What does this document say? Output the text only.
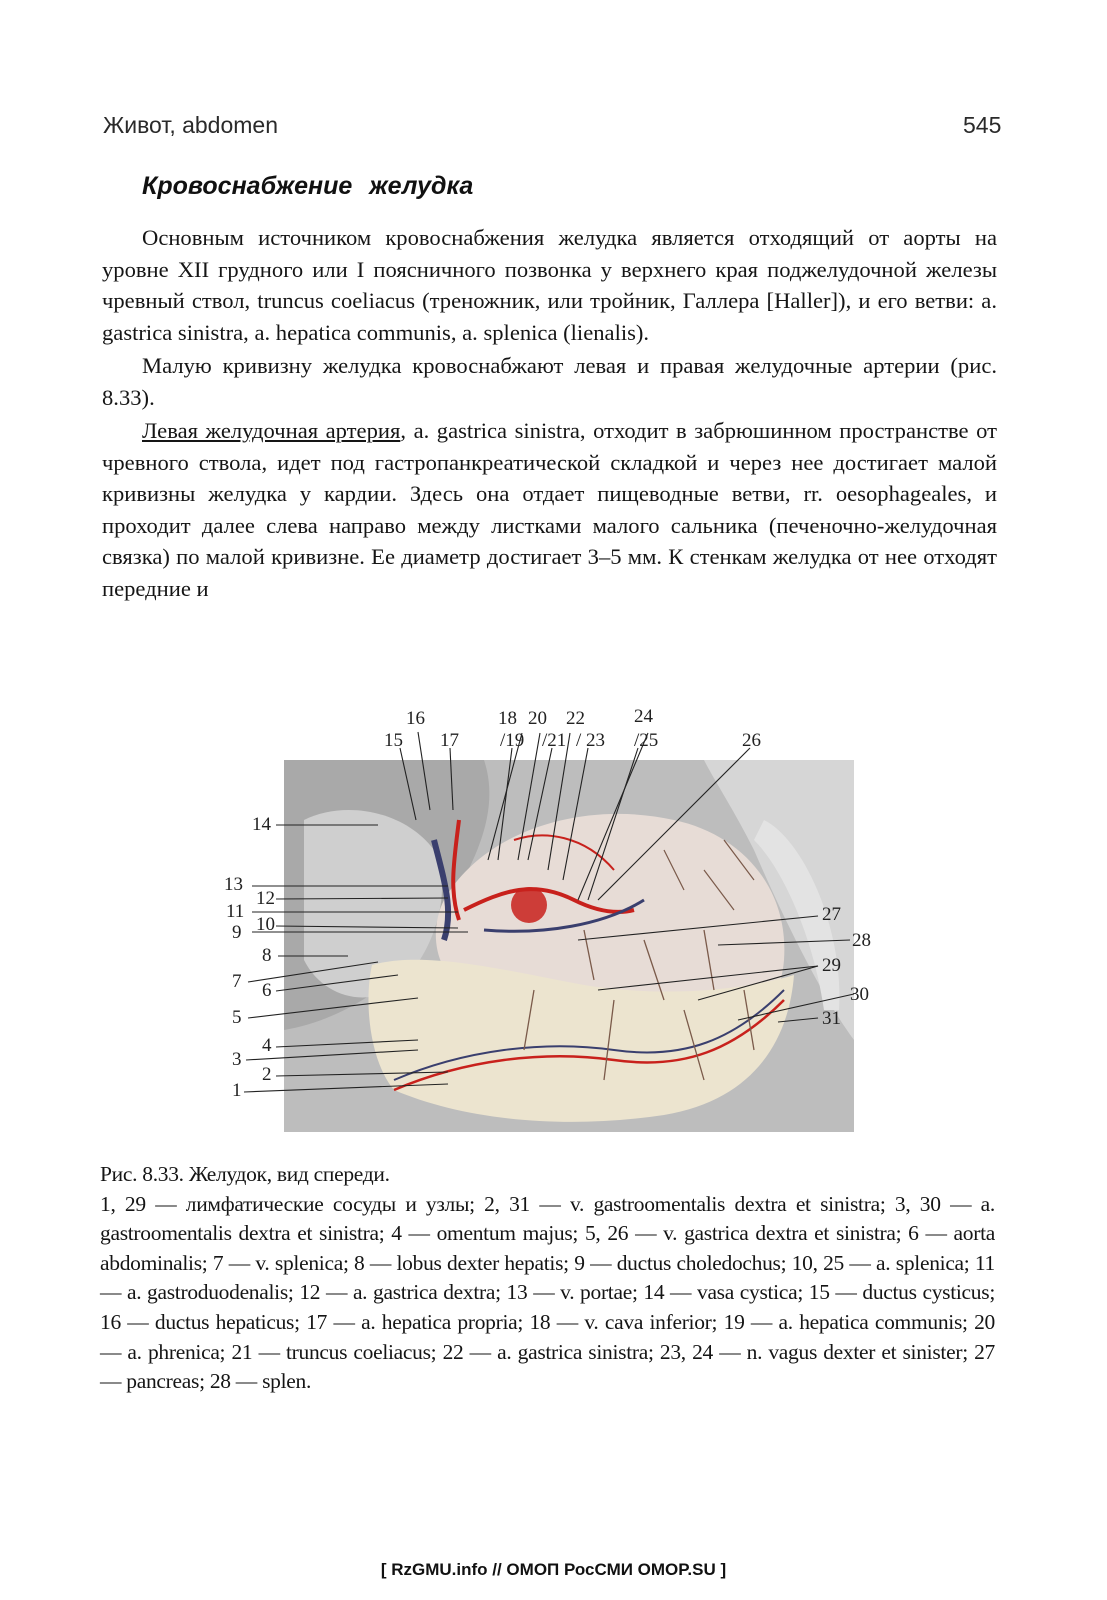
Живот, abdomen	545
Кровоснабжение желудка

Основным источником кровоснабжения желудка является отходящий от аорты на уровне XII грудного или I поясничного позвонка у верхнего края поджелудочной железы чревный ствол, truncus coeliacus (треножник, или тройник, Галлера [Haller]), и его ветви: a. gastrica sinistra, a. hepatica communis, a. splenica (lienalis).

Малую кривизну желудка кровоснабжают левая и правая желудочные артерии (рис. 8.33).

Левая желудочная артерия, a. gastrica sinistra, отходит в забрюшинном пространстве от чревного ствола, идет под гастропанкреатической складкой и через нее достигает малой кривизны желудка у кардии. Здесь она отдает пищеводные ветви, rr. oesophageales, и проходит далее слева направо между листками малого сальника (печеночно-желудочная связка) по малой кривизне. Ее диаметр достигает 3–5 мм. К стенкам желудка от нее отходят передние и

1
2
3
4
5
6
7
8
9 10
11
12
13
14
15
16
17
18
/19
20
/21
22
/ 23
24
/25	26
27
28
29
30
31
Рис. 8.33. Желудок, вид спереди.
1, 29 — лимфатические сосуды и узлы; 2, 31 — v. gastroomentalis dextra et sinistra; 3, 30 — a. gastroomentalis dextra et sinistra; 4 — omentum majus; 5, 26 — v. gastrica dextra et sinistra; 6 — aorta abdominalis; 7 — v. splenica; 8 — lobus dexter hepatis; 9 — ductus choledochus; 10, 25 — a. splenica; 11 — a. gastroduodenalis; 12 — a. gastrica dextra; 13 — v. portae; 14 — vasa cystica; 15 — ductus cysticus; 16 — ductus hepaticus; 17 — a. hepatica propria; 18 — v. cava inferior; 19 — a. hepatica communis; 20 — a. phrenica; 21 — truncus coeliacus; 22 — a. gastrica sinistra; 23, 24 — n. vagus dexter et sinister; 27 — pancreas; 28 — splen.
[ RzGMU.info // ОМОП РосСМИ OMOP.SU ]
